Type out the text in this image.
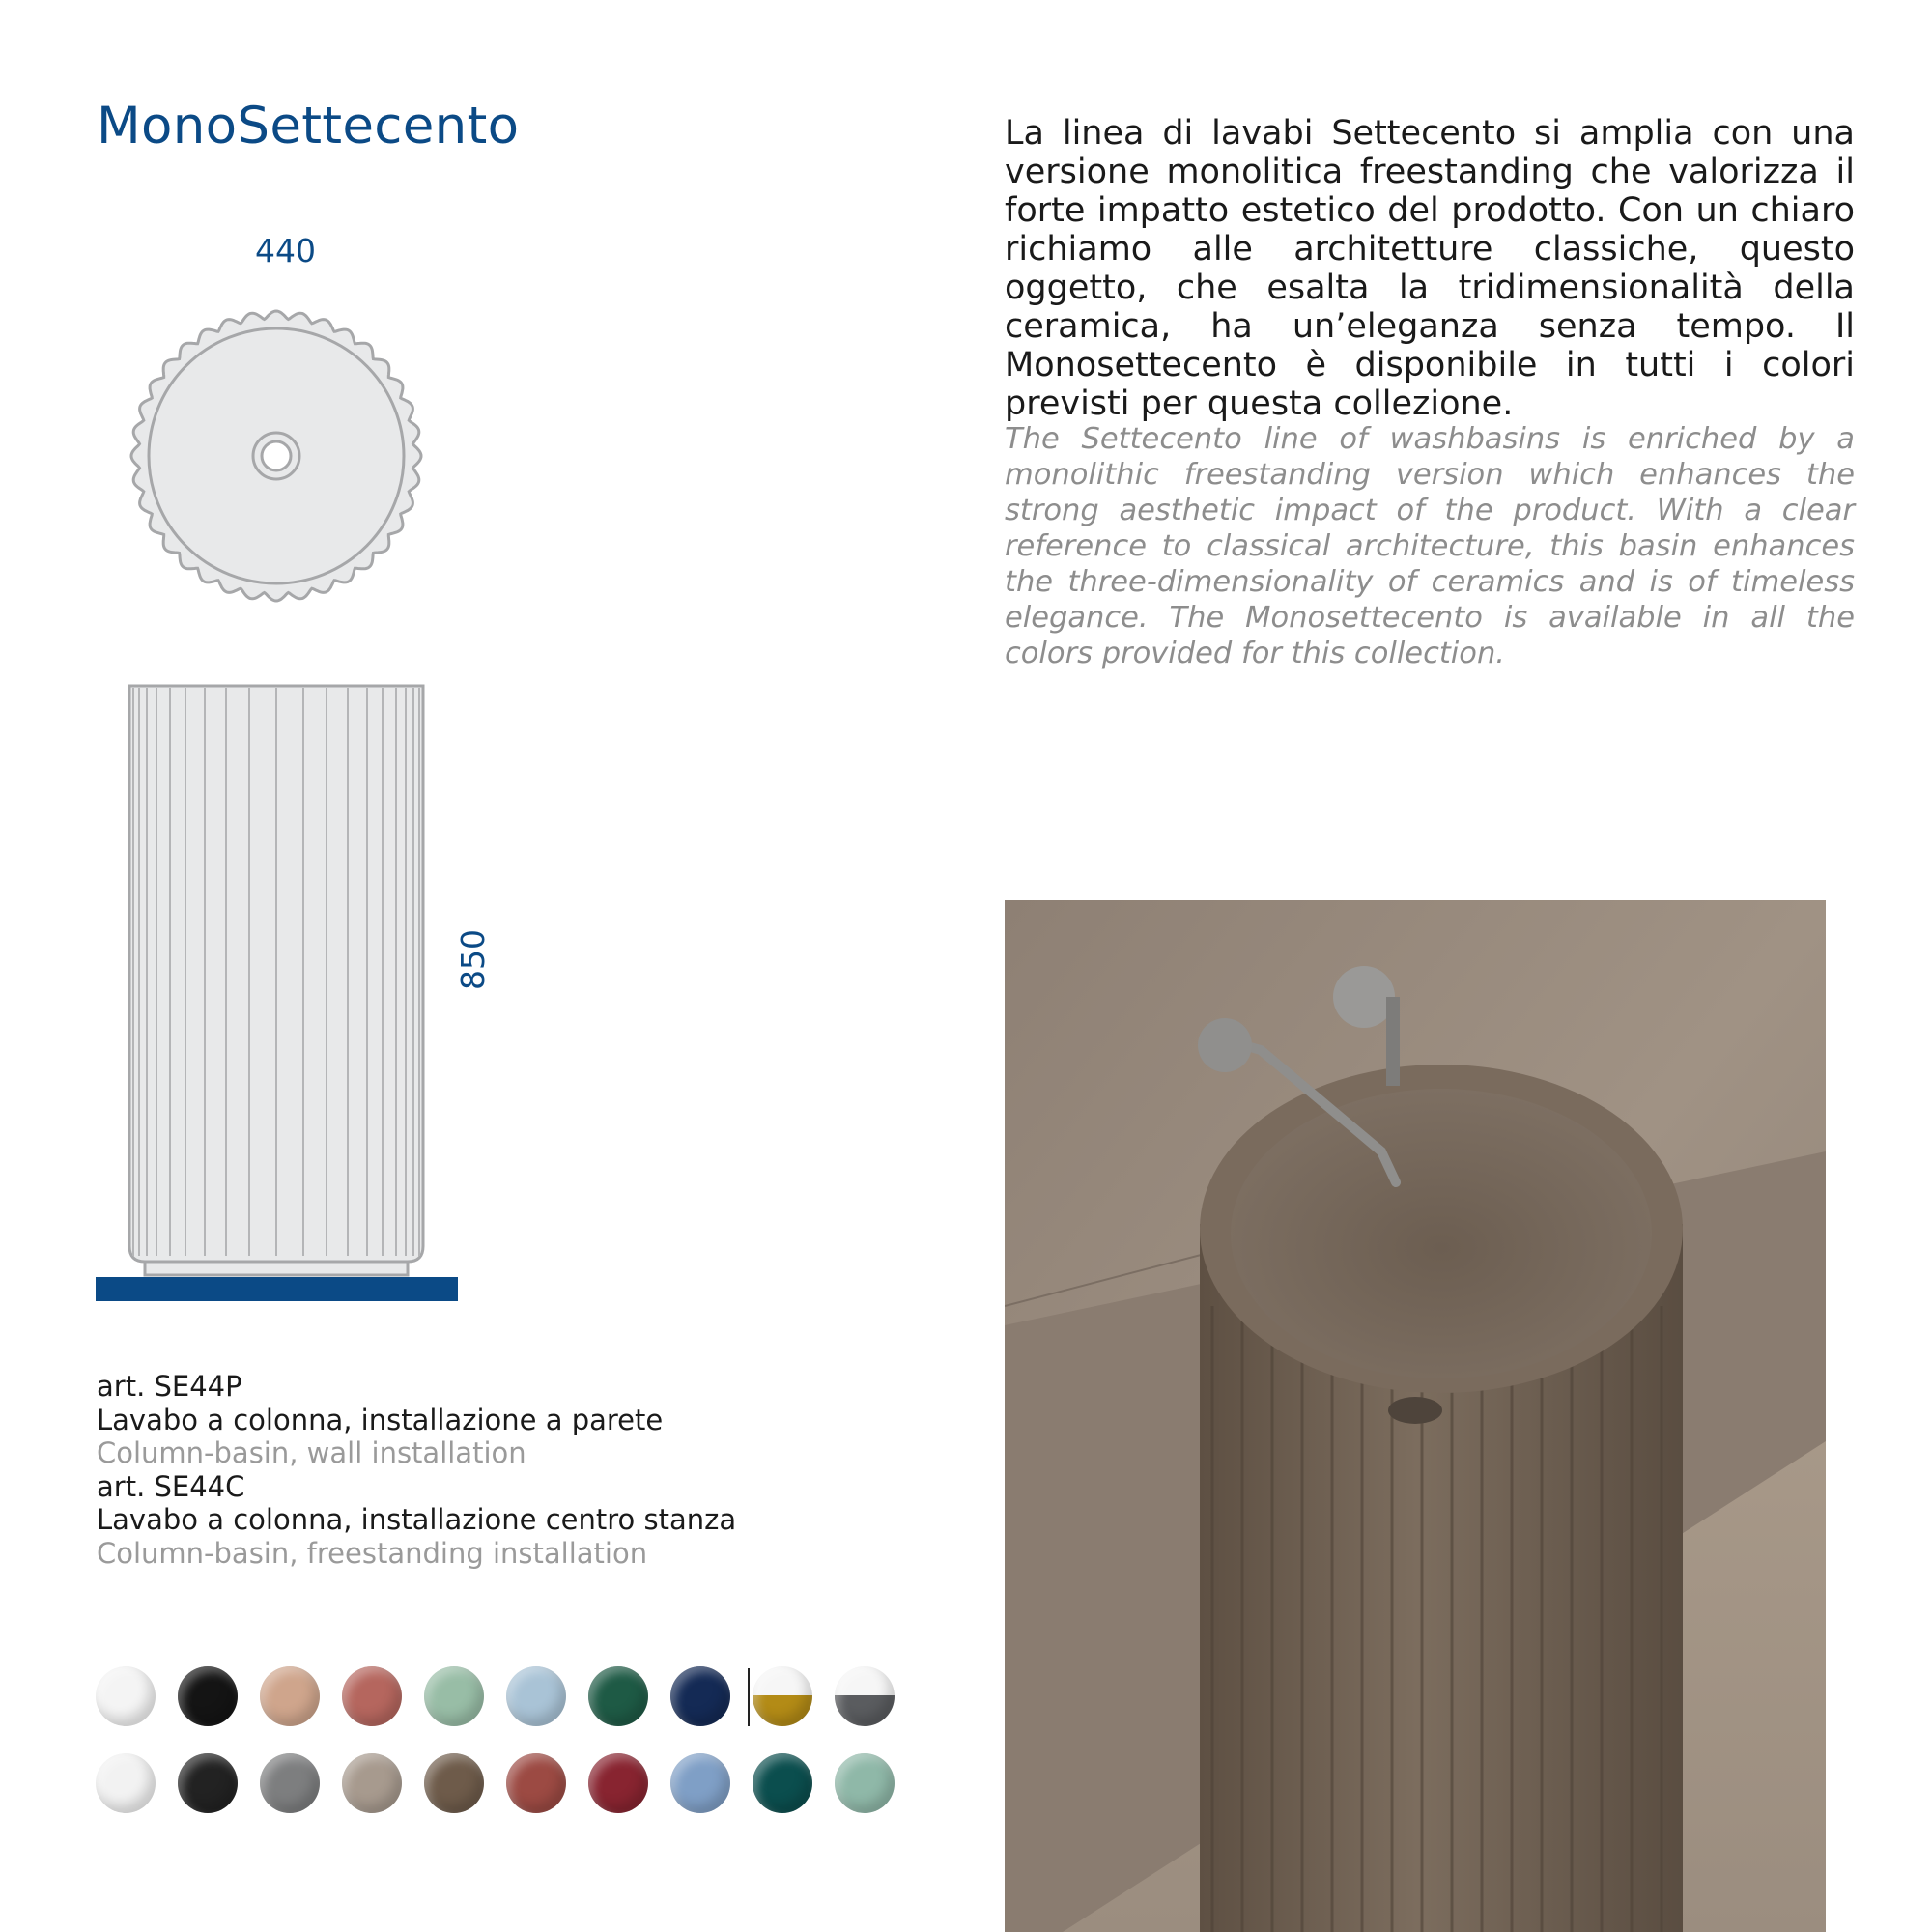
MonoSettecento
440
850

La linea di lavabi Settecento si amplia con una versione monolitica freestanding che valorizza il forte impatto estetico del prodotto. Con un chiaro richiamo alle architetture classiche, questo oggetto, che esalta la tridimensionalità della ceramica, ha un’eleganza senza tempo. Il Monosettecento è disponibile in tutti i colori previsti per questa collezione.

The Settecento line of washbasins is enriched by a monolithic freestanding version which enhances the strong aesthetic impact of the product. With a clear reference to classical architecture, this basin enhances the three-dimensionality of ceramics and is of timeless elegance. The Monosettecento is available in all the colors provided for this collection.

art. SE44P
Lavabo a colonna, installazione a parete
Column-basin, wall installation
art. SE44C
Lavabo a colonna, installazione centro stanza
Column-basin, freestanding installation
